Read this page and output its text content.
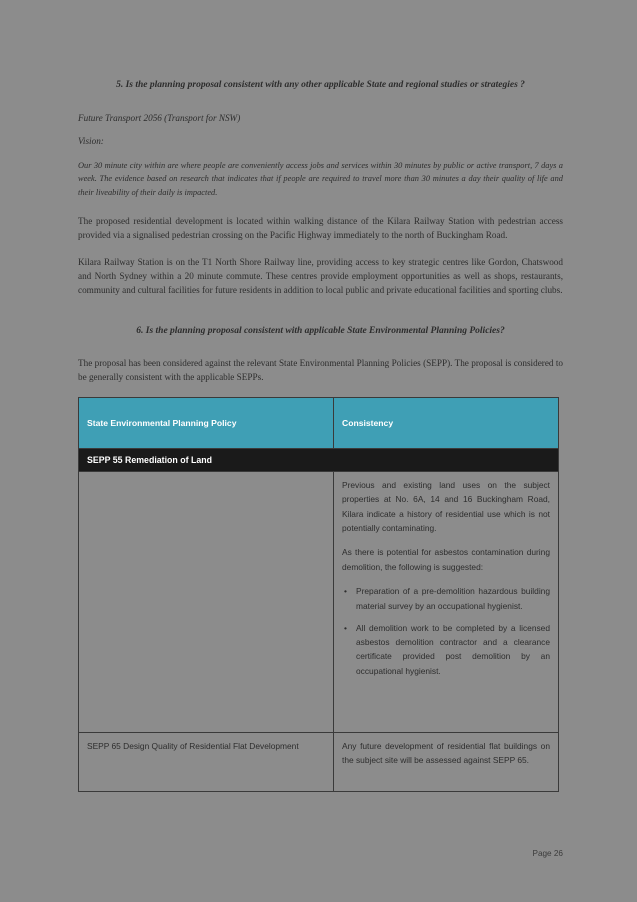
5. Is the planning proposal consistent with any other applicable State and regional studies or strategies ?

Future Transport 2056 (Transport for NSW)

Vision:

Our 30 minute city within are where people are conveniently access jobs and services within 30 minutes by public or active transport, 7 days a week. The evidence based on research that indicates that if people are required to travel more than 30 minutes a day their quality of life and their liveability of their daily is impacted.

The proposed residential development is located within walking distance of the Kilara Railway Station with pedestrian access provided via a signalised pedestrian crossing on the Pacific Highway immediately to the north of Buckingham Road.

Kilara Railway Station is on the T1 North Shore Railway line, providing access to key strategic centres like Gordon, Chatswood and North Sydney within a 20 minute commute. These centres provide employment opportunities as well as shops, restaurants, community and cultural facilities for future residents in addition to local public and private educational facilities and sporting clubs.

6. Is the planning proposal consistent with applicable State Environmental Planning Policies?

The proposal has been considered against the relevant State Environmental Planning Policies (SEPP). The proposal is considered to be generally consistent with the applicable SEPPs.

State Environmental Planning Policy	Consistency
SEPP 55 Remediation of Land	

Previous and existing land uses on the subject properties at No. 6A, 14 and 16 Buckingham Road, Kilara indicate a history of residential use which is not potentially contaminating.

As there is potential for asbestos contamination during demolition, the following is suggested:

• Preparation of a pre-demolition hazardous building material survey by an occupational hygienist.
• All demolition work to be completed by a licensed asbestos demolition contractor and a clearance certificate provided post demolition by an occupational hygienist.

SEPP 65 Design Quality of Residential Flat Development	Any future development of residential flat buildings on the subject site will be assessed against SEPP 65.

Page 26
